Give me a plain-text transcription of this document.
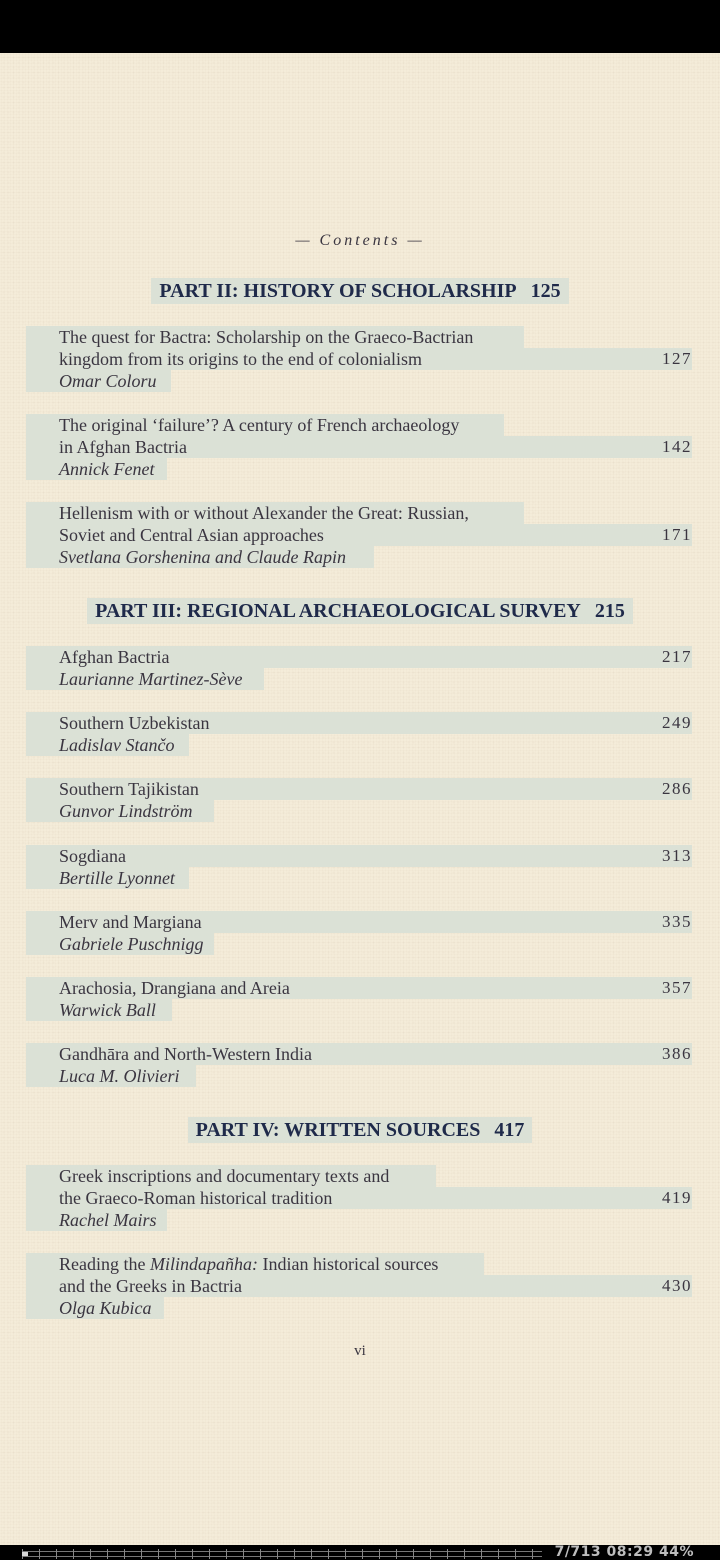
— Contents —
PART II: HISTORY OF SCHOLARSHIP 125
The quest for Bactra: Scholarship on the Graeco-Bactrian
kingdom from its origins to the end of colonialism	127
Omar Coloru
The original ‘failure’? A century of French archaeology
in Afghan Bactria	142
Annick Fenet
Hellenism with or without Alexander the Great: Russian,
Soviet and Central Asian approaches	171
Svetlana Gorshenina and Claude Rapin
PART III: REGIONAL ARCHAEOLOGICAL SURVEY 215
Afghan Bactria	217
Laurianne Martinez-Sève
Southern Uzbekistan	249
Ladislav Stančo
Southern Tajikistan	286
Gunvor Lindström
Sogdiana	313
Bertille Lyonnet
Merv and Margiana	335
Gabriele Puschnigg
Arachosia, Drangiana and Areia	357
Warwick Ball
Gandhāra and North-Western India	386
Luca M. Olivieri
PART IV: WRITTEN SOURCES 417
Greek inscriptions and documentary texts and
the Graeco-Roman historical tradition	419
Rachel Mairs
Reading the Milindapañha: Indian historical sources
and the Greeks in Bactria	430
Olga Kubica
vi
7/713 08:29 44%
